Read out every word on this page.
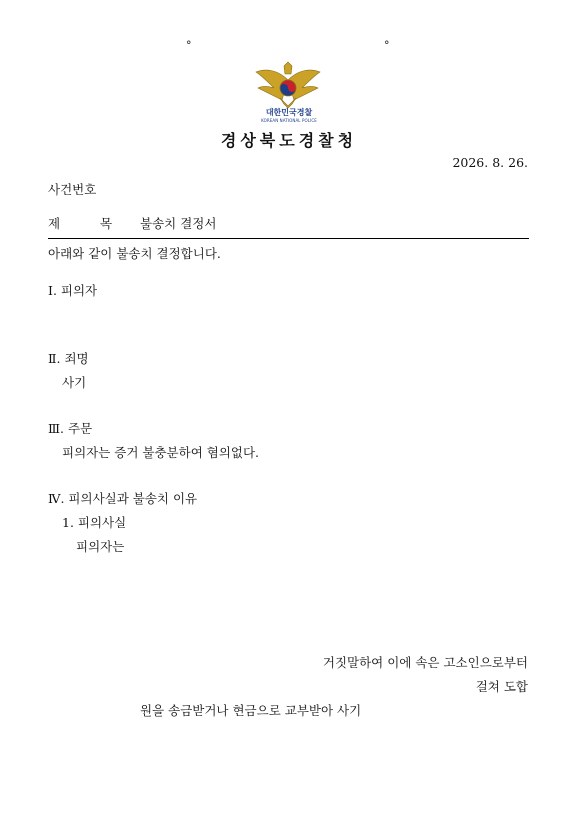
°	°
대한민국경찰
KOREAN NATIONAL POLICE
경상북도경찰청
2026. 8. 26.
사건번호
제	목 불송치 결정서
아래와 같이 불송치 결정합니다.
Ⅰ. 피의자
Ⅱ. 죄명
사기
Ⅲ. 주문
피의자는 증거 불충분하여 혐의없다.
Ⅳ. 피의사실과 불송치 이유
1. 피의사실
피의자는
거짓말하여 이에 속은 고소인으로부터
걸쳐 도합
원을 송금받거나 현금으로 교부받아 사기
